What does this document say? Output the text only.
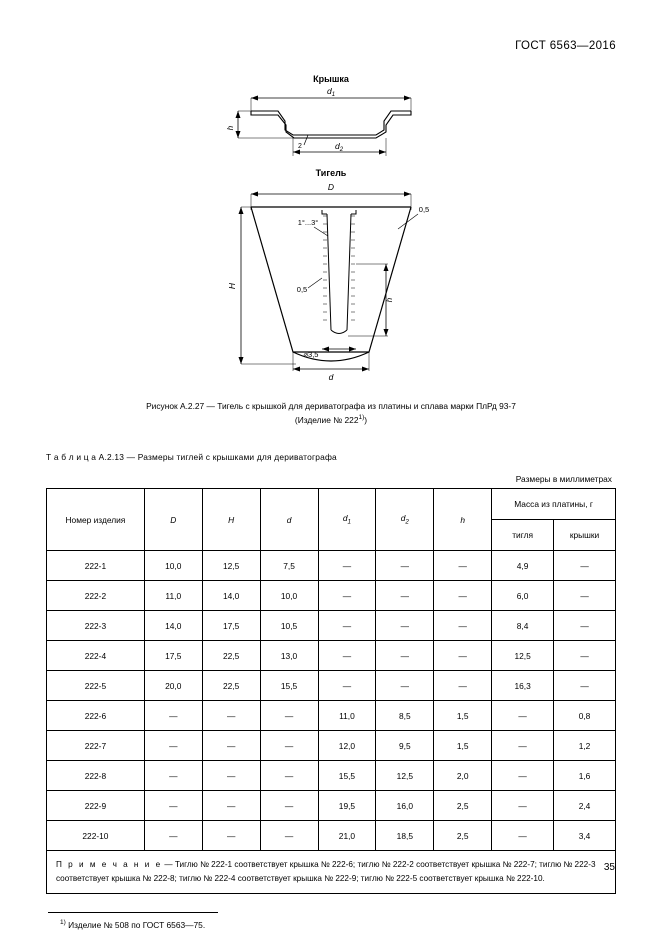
ГОСТ 6563—2016
Крышка
$d_1$
h
$d_2$
2
Тигель
D
H
0,5
1°...3°
0,5
h
⌀3,5
d
Рисунок А.2.27 — Тигель с крышкой для дериватографа из платины и сплава марки ПлРд 93-7
(Изделие № 222$^{1)}$)
Т а б л и ц а А.2.13 — Размеры тиглей с крышками для дериватографа
Размеры в миллиметрах
Номер изделия	D	H	d	$d_1$	$d_2$	h	Масса из платины, г	
							тигля	крышки
222-1	10,0	12,5	7,5	—	—	—	4,9	—
222-2	11,0	14,0	10,0	—	—	—	6,0	—
222-3	14,0	17,5	10,5	—	—	—	8,4	—
222-4	17,5	22,5	13,0	—	—	—	12,5	—
222-5	20,0	22,5	15,5	—	—	—	16,3	—
222-6	—	—	—	11,0	8,5	1,5	—	0,8
222-7	—	—	—	12,0	9,5	1,5	—	1,2
222-8	—	—	—	15,5	12,5	2,0	—	1,6
222-9	—	—	—	19,5	16,0	2,5	—	2,4
222-10	—	—	—	21,0	18,5	2,5	—	3,4
П р и м е ч а н и е — Тиглю № 222-1 соответствует крышка № 222-6; тиглю № 222-2 соответствует крышка № 222-7; тиглю № 222-3 соответствует крышка № 222-8; тиглю № 222-4 соответствует крышка № 222-9; тиглю № 222-5 соответствует крышка № 222-10.								
$^{1)}$ Изделие № 508 по ГОСТ 6563—75.
35
